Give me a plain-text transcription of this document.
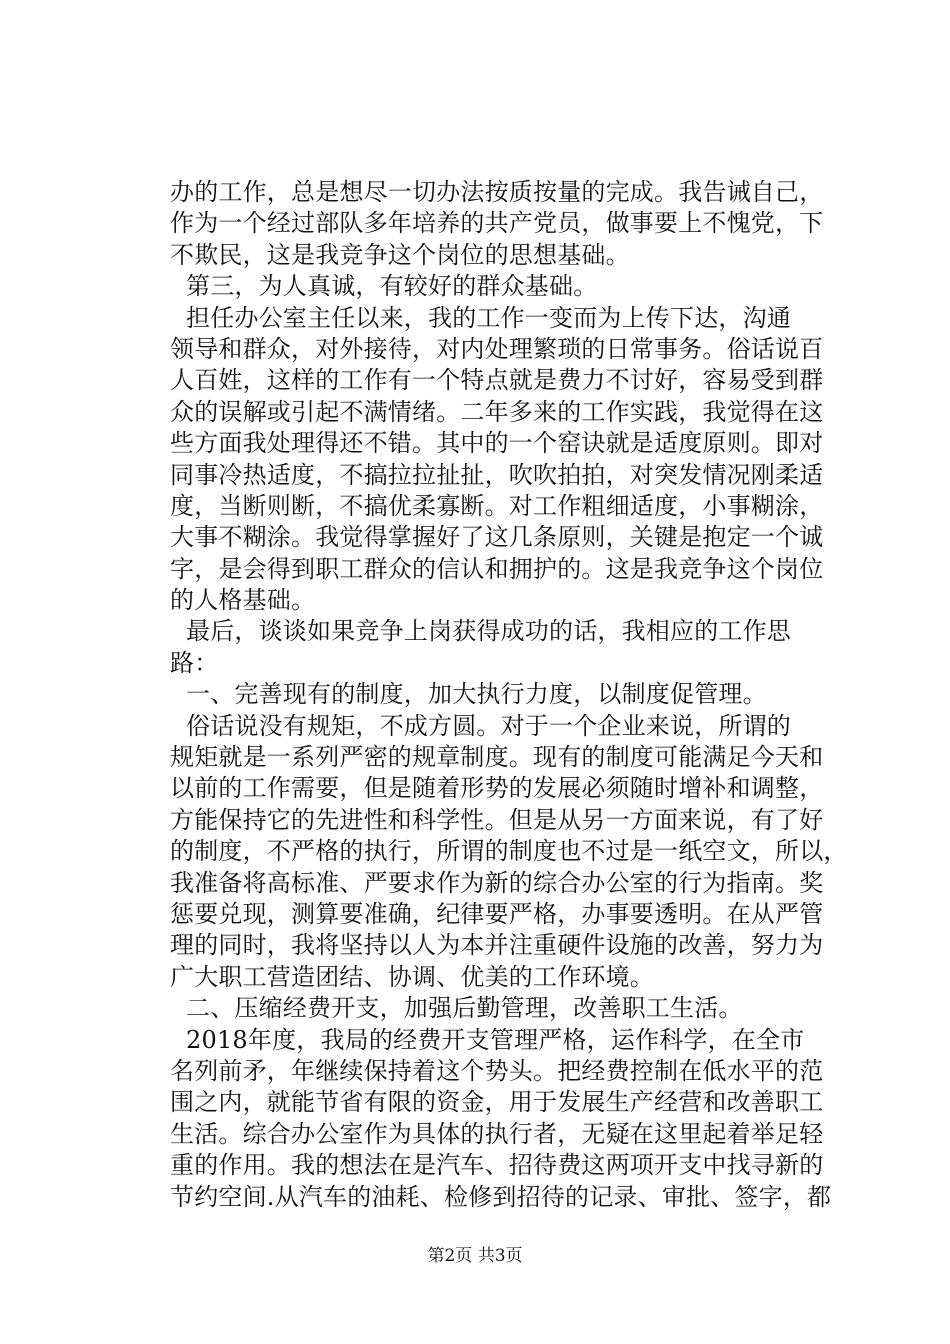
办的工作，总是想尽一切办法按质按量的完成。我告诫自己，
作为一个经过部队多年培养的共产党员，做事要上不愧党，下
不欺民，这是我竞争这个岗位的思想基础。
第三，为人真诚，有较好的群众基础。
担任办公室主任以来，我的工作一变而为上传下达，沟通
领导和群众，对外接待，对内处理繁琐的日常事务。俗话说百
人百姓，这样的工作有一个特点就是费力不讨好，容易受到群
众的误解或引起不满情绪。二年多来的工作实践，我觉得在这
些方面我处理得还不错。其中的一个窑诀就是适度原则。即对
同事冷热适度，不搞拉拉扯扯，吹吹拍拍，对突发情况刚柔适
度，当断则断，不搞优柔寡断。对工作粗细适度，小事糊涂，
大事不糊涂。我觉得掌握好了这几条原则，关键是抱定一个诚
字，是会得到职工群众的信认和拥护的。这是我竞争这个岗位
的人格基础。
最后，谈谈如果竞争上岗获得成功的话，我相应的工作思
路：
一、完善现有的制度，加大执行力度，以制度促管理。
俗话说没有规矩，不成方圆。对于一个企业来说，所谓的
规矩就是一系列严密的规章制度。现有的制度可能满足今天和
以前的工作需要，但是随着形势的发展必须随时增补和调整，
方能保持它的先进性和科学性。但是从另一方面来说，有了好
的制度，不严格的执行，所谓的制度也不过是一纸空文，所以，
我准备将高标准、严要求作为新的综合办公室的行为指南。奖
惩要兑现，测算要准确，纪律要严格，办事要透明。在从严管
理的同时，我将坚持以人为本并注重硬件设施的改善，努力为
广大职工营造团结、协调、优美的工作环境。
二、压缩经费开支，加强后勤管理，改善职工生活。
2018年度，我局的经费开支管理严格，运作科学，在全市
名列前矛，年继续保持着这个势头。把经费控制在低水平的范
围之内，就能节省有限的资金，用于发展生产经营和改善职工
生活。综合办公室作为具体的执行者，无疑在这里起着举足轻
重的作用。我的想法在是汽车、招待费这两项开支中找寻新的
节约空间.从汽车的油耗、检修到招待的记录、审批、签字，都
第2页 共3页
